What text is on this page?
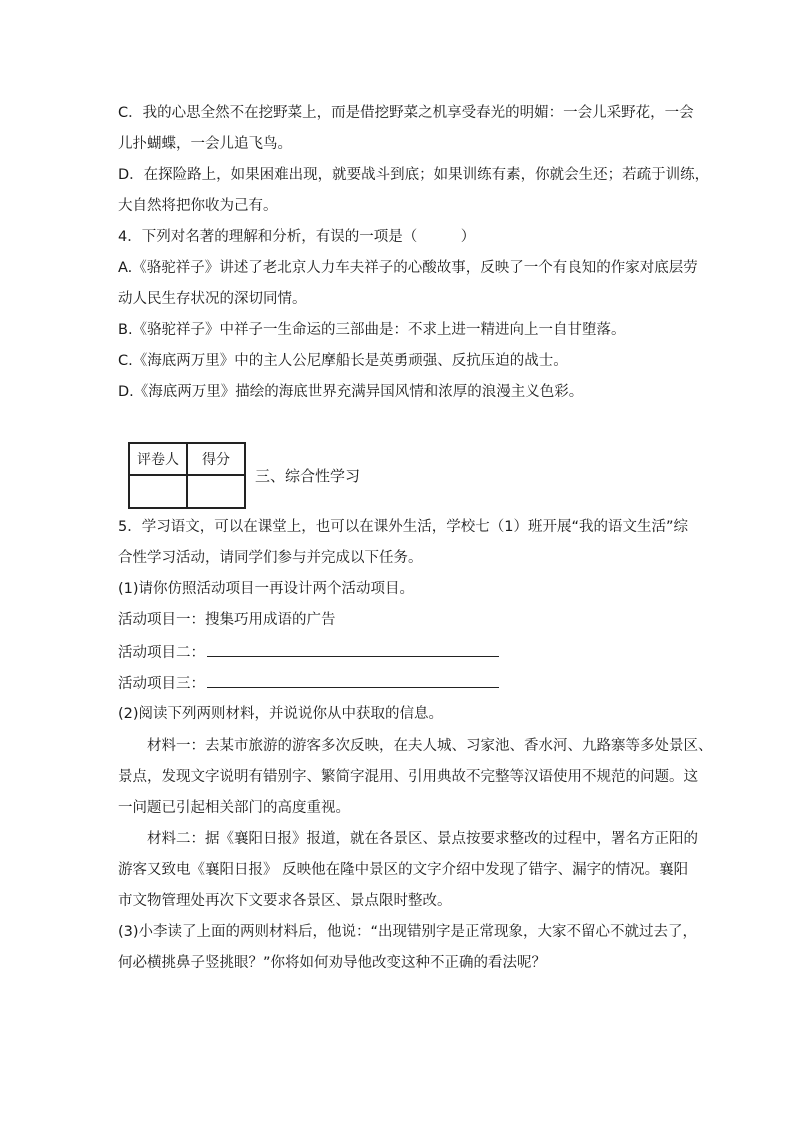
C．我的心思全然不在挖野菜上，而是借挖野菜之机享受春光的明媚：一会儿采野花，一会
儿扑蝴蝶，一会儿追飞鸟。
D．在探险路上，如果困难出现，就要战斗到底；如果训练有素，你就会生还；若疏于训练，
大自然将把你收为己有。
4．下列对名著的理解和分析，有误的一项是（　　　）
A.《骆驼祥子》讲述了老北京人力车夫祥子的心酸故事，反映了一个有良知的作家对底层劳
动人民生存状况的深切同情。
B.《骆驼祥子》中祥子一生命运的三部曲是：不求上进一精进向上一自甘堕落。
C.《海底两万里》中的主人公尼摩船长是英勇顽强、反抗压迫的战士。
D.《海底两万里》描绘的海底世界充满异国风情和浓厚的浪漫主义色彩。
评卷人	得分

三、综合性学习
5．学习语文，可以在课堂上，也可以在课外生活，学校七（1）班开展“我的语文生活”综
合性学习活动，请同学们参与并完成以下任务。
(1)请你仿照活动项目一再设计两个活动项目。
活动项目一：搜集巧用成语的广告
活动项目二：
活动项目三：
(2)阅读下列两则材料，并说说你从中获取的信息。
材料一：去某市旅游的游客多次反映，在夫人城、习家池、香水河、九路寨等多处景区、
景点，发现文字说明有错别字、繁简字混用、引用典故不完整等汉语使用不规范的问题。这
一问题已引起相关部门的高度重视。
材料二：据《襄阳日报》报道，就在各景区、景点按要求整改的过程中，署名方正阳的
游客又致电《襄阳日报》 反映他在隆中景区的文字介绍中发现了错字、漏字的情况。襄阳
市文物管理处再次下文要求各景区、景点限时整改。
(3)小李读了上面的两则材料后，他说：“出现错别字是正常现象，大家不留心不就过去了，
何必横挑鼻子竖挑眼？”你将如何劝导他改变这种不正确的看法呢？
